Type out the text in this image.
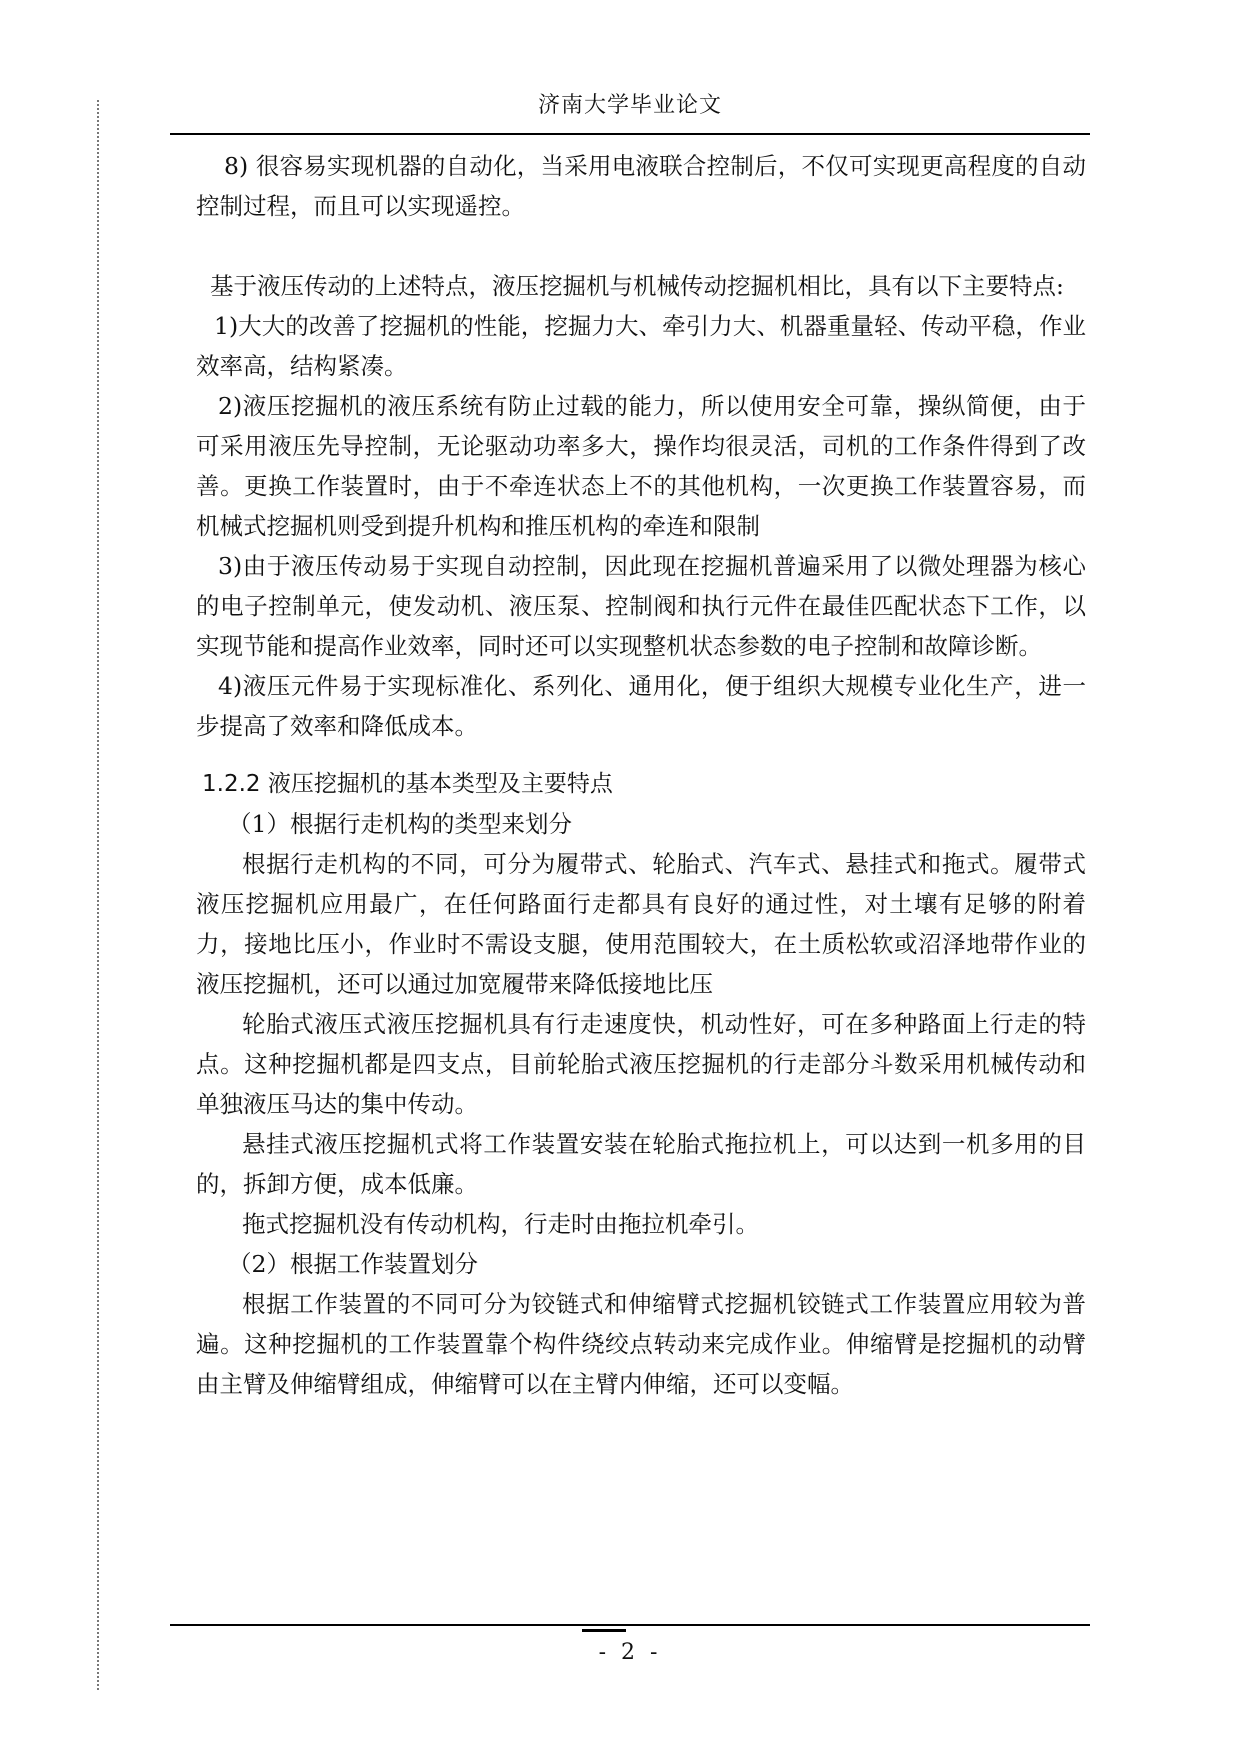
济南大学毕业论文

8) 很容易实现机器的自动化，当采用电液联合控制后，不仅可实现更高程度的自动控制过程，而且可以实现遥控。

基于液压传动的上述特点，液压挖掘机与机械传动挖掘机相比，具有以下主要特点:

1)大大的改善了挖掘机的性能，挖掘力大、牵引力大、机器重量轻、传动平稳，作业效率高，结构紧凑。

2)液压挖掘机的液压系统有防止过载的能力，所以使用安全可靠，操纵简便，由于可采用液压先导控制，无论驱动功率多大，操作均很灵活，司机的工作条件得到了改善。更换工作装置时，由于不牵连状态上不的其他机构，一次更换工作装置容易，而机械式挖掘机则受到提升机构和推压机构的牵连和限制

3)由于液压传动易于实现自动控制，因此现在挖掘机普遍采用了以微处理器为核心的电子控制单元，使发动机、液压泵、控制阀和执行元件在最佳匹配状态下工作，以实现节能和提高作业效率，同时还可以实现整机状态参数的电子控制和故障诊断。

4)液压元件易于实现标准化、系列化、通用化，便于组织大规模专业化生产，进一步提高了效率和降低成本。

1.2.2 液压挖掘机的基本类型及主要特点

（1）根据行走机构的类型来划分

根据行走机构的不同，可分为履带式、轮胎式、汽车式、悬挂式和拖式。履带式液压挖掘机应用最广，在任何路面行走都具有良好的通过性，对土壤有足够的附着力，接地比压小，作业时不需设支腿，使用范围较大，在土质松软或沼泽地带作业的液压挖掘机，还可以通过加宽履带来降低接地比压

轮胎式液压式液压挖掘机具有行走速度快，机动性好，可在多种路面上行走的特点。这种挖掘机都是四支点，目前轮胎式液压挖掘机的行走部分斗数采用机械传动和单独液压马达的集中传动。

悬挂式液压挖掘机式将工作装置安装在轮胎式拖拉机上，可以达到一机多用的目的，拆卸方便，成本低廉。

拖式挖掘机没有传动机构，行走时由拖拉机牵引。

（2）根据工作装置划分

根据工作装置的不同可分为铰链式和伸缩臂式挖掘机铰链式工作装置应用较为普遍。这种挖掘机的工作装置靠个构件绕绞点转动来完成作业。伸缩臂是挖掘机的动臂由主臂及伸缩臂组成，伸缩臂可以在主臂内伸缩，还可以变幅。

- 2 -
